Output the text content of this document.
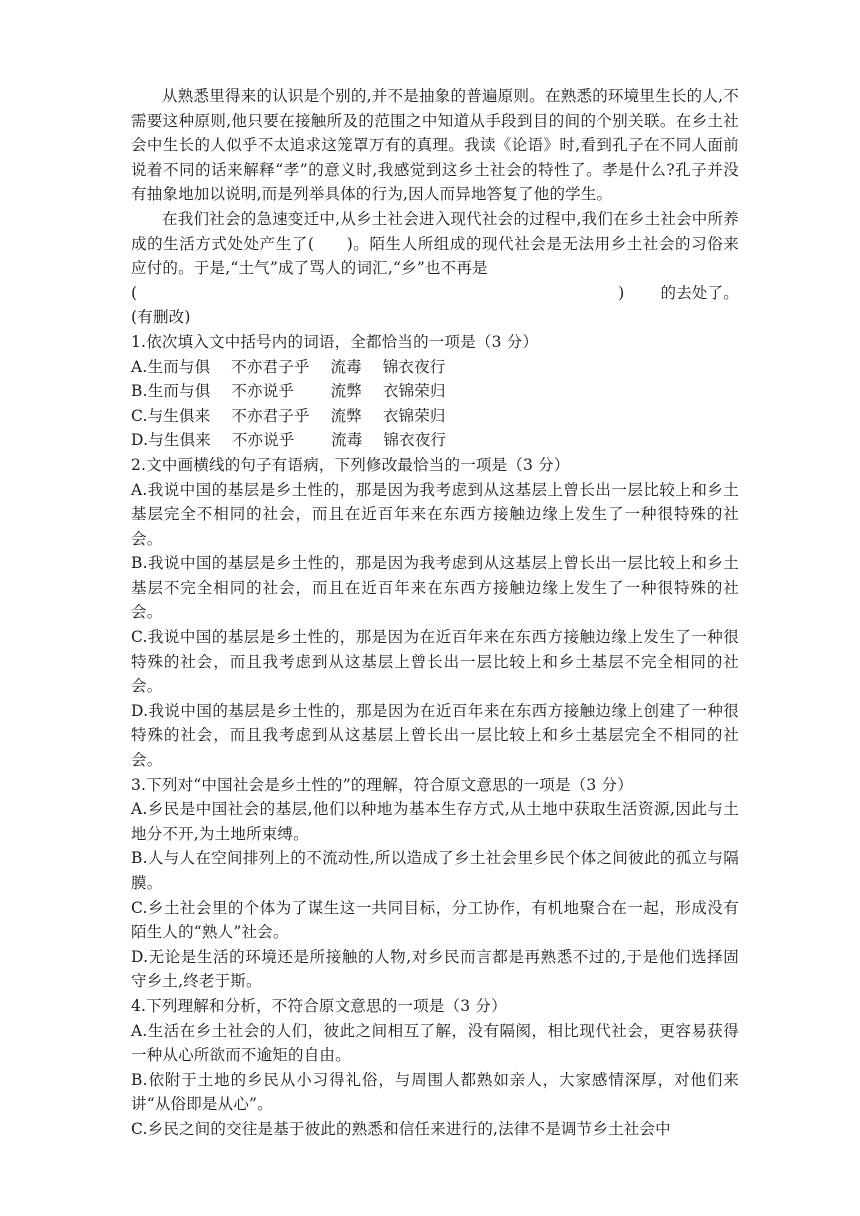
从熟悉里得来的认识是个别的,并不是抽象的普遍原则。在熟悉的环境里生长的人,不需要这种原则,他只要在接触所及的范围之中知道从手段到目的间的个别关联。在乡土社会中生长的人似乎不太追求这笼罩万有的真理。我读《论语》时,看到孔子在不同人面前说着不同的话来解释“孝”的意义时,我感觉到这乡土社会的特性了。孝是什么?孔子并没有抽象地加以说明,而是列举具体的行为,因人而异地答复了他的学生。

在我们社会的急速变迁中,从乡土社会进入现代社会的过程中,我们在乡土社会中所养成的生活方式处处产生了(　　)。陌生人所组成的现代社会是无法用乡土社会的习俗来应付的。于是,“土气”成了骂人的词汇,“乡”也不再是

(	) 的 去 处 了 。

(有删改)

1.依次填入文中括号内的词语，全都恰当的一项是（3 分）

A.生而与俱　 不亦君子乎　 流毒　 锦衣夜行

B.生而与俱　 不亦说乎　　 流弊　 衣锦荣归

C.与生俱来　 不亦君子乎　 流弊　 衣锦荣归

D.与生俱来　 不亦说乎　　 流毒　 锦衣夜行

2.文中画横线的句子有语病，下列修改最恰当的一项是（3 分）

A.我说中国的基层是乡土性的，那是因为我考虑到从这基层上曾长出一层比较上和乡土基层完全不相同的社会，而且在近百年来在东西方接触边缘上发生了一种很特殊的社会。

B.我说中国的基层是乡土性的，那是因为我考虑到从这基层上曾长出一层比较上和乡土基层不完全相同的社会，而且在近百年来在东西方接触边缘上发生了一种很特殊的社会。

C.我说中国的基层是乡土性的，那是因为在近百年来在东西方接触边缘上发生了一种很特殊的社会，而且我考虑到从这基层上曾长出一层比较上和乡土基层不完全相同的社会。

D.我说中国的基层是乡土性的，那是因为在近百年来在东西方接触边缘上创建了一种很特殊的社会，而且我考虑到从这基层上曾长出一层比较上和乡土基层完全不相同的社会。

3.下列对“中国社会是乡土性的”的理解，符合原文意思的一项是（3 分）

A.乡民是中国社会的基层,他们以种地为基本生存方式,从土地中获取生活资源,因此与土地分不开,为土地所束缚。

B.人与人在空间排列上的不流动性,所以造成了乡土社会里乡民个体之间彼此的孤立与隔膜。

C.乡土社会里的个体为了谋生这一共同目标，分工协作，有机地聚合在一起，形成没有陌生人的“熟人”社会。

D.无论是生活的环境还是所接触的人物,对乡民而言都是再熟悉不过的,于是他们选择固守乡土,终老于斯。

4.下列理解和分析，不符合原文意思的一项是（3 分）

A.生活在乡土社会的人们，彼此之间相互了解，没有隔阂，相比现代社会，更容易获得一种从心所欲而不逾矩的自由。

B.依附于土地的乡民从小习得礼俗，与周围人都熟如亲人，大家感情深厚，对他们来讲“从俗即是从心”。

C.乡民之间的交往是基于彼此的熟悉和信任来进行的,法律不是调节乡土社会中
